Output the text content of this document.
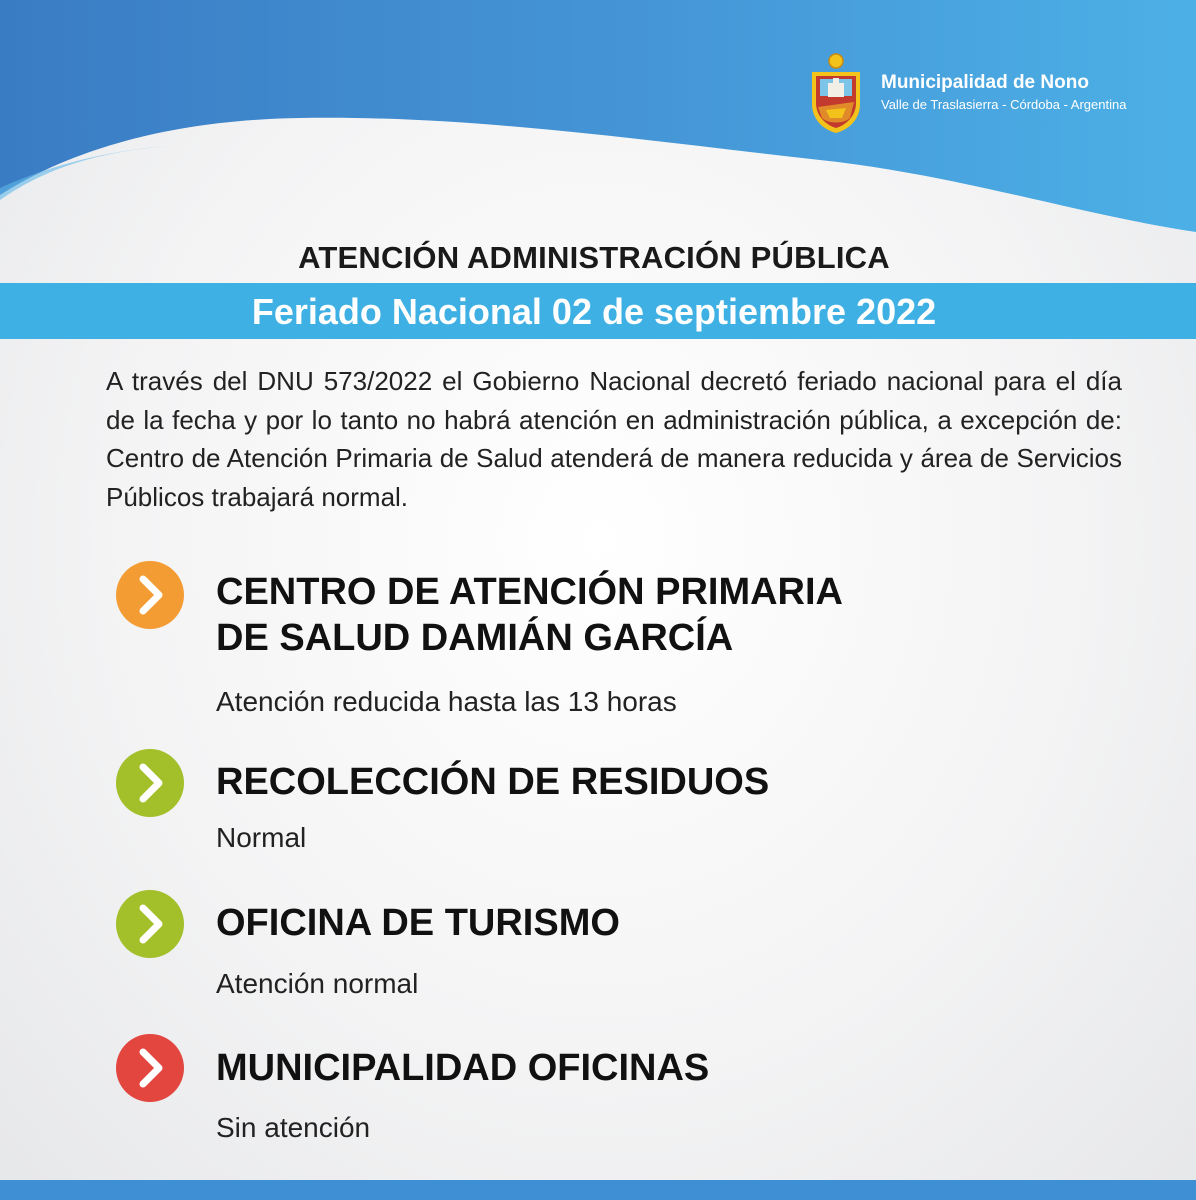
Municipalidad de Nono
Valle de Traslasierra - Córdoba - Argentina
ATENCIÓN ADMINISTRACIÓN PÚBLICA
Feriado Nacional 02 de septiembre 2022
A través del DNU 573/2022 el Gobierno Nacional decretó feriado nacional para el día de la fecha y por lo tanto no habrá atención en administración pública, a excepción de: Centro de Atención Primaria de Salud atenderá de manera reducida y área de Servicios Públicos trabajará normal.
CENTRO DE ATENCIÓN PRIMARIA
DE SALUD DAMIÁN GARCÍA
Atención reducida hasta las 13 horas
RECOLECCIÓN DE RESIDUOS
Normal
OFICINA DE TURISMO
Atención normal
MUNICIPALIDAD OFICINAS
Sin atención
